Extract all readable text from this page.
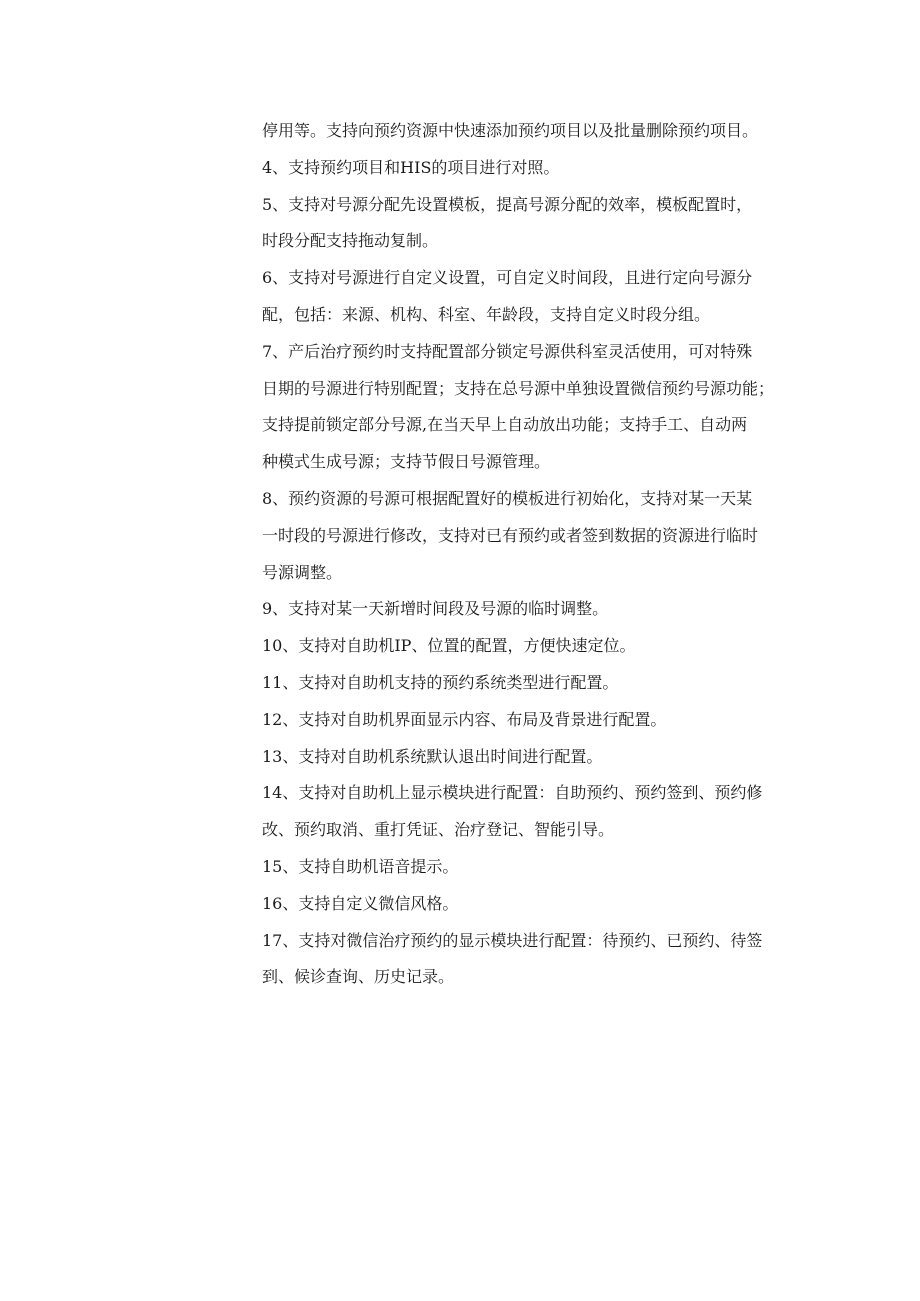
停用等。支持向预约资源中快速添加预约项目以及批量删除预约项目。
4、支持预约项目和HIS的项目进行对照。
5、支持对号源分配先设置模板，提高号源分配的效率，模板配置时，
时段分配支持拖动复制。
6、支持对号源进行自定义设置，可自定义时间段，且进行定向号源分
配，包括：来源、机构、科室、年龄段，支持自定义时段分组。
7、产后治疗预约时支持配置部分锁定号源供科室灵活使用，可对特殊
日期的号源进行特别配置；支持在总号源中单独设置微信预约号源功能；
支持提前锁定部分号源,在当天早上自动放出功能；支持手工、自动两
种模式生成号源；支持节假日号源管理。
8、预约资源的号源可根据配置好的模板进行初始化，支持对某一天某
一时段的号源进行修改，支持对已有预约或者签到数据的资源进行临时
号源调整。
9、支持对某一天新增时间段及号源的临时调整。
10、支持对自助机IP、位置的配置，方便快速定位。
11、支持对自助机支持的预约系统类型进行配置。
12、支持对自助机界面显示内容、布局及背景进行配置。
13、支持对自助机系统默认退出时间进行配置。
14、支持对自助机上显示模块进行配置：自助预约、预约签到、预约修
改、预约取消、重打凭证、治疗登记、智能引导。
15、支持自助机语音提示。
16、支持自定义微信风格。
17、支持对微信治疗预约的显示模块进行配置：待预约、已预约、待签
到、候诊查询、历史记录。
